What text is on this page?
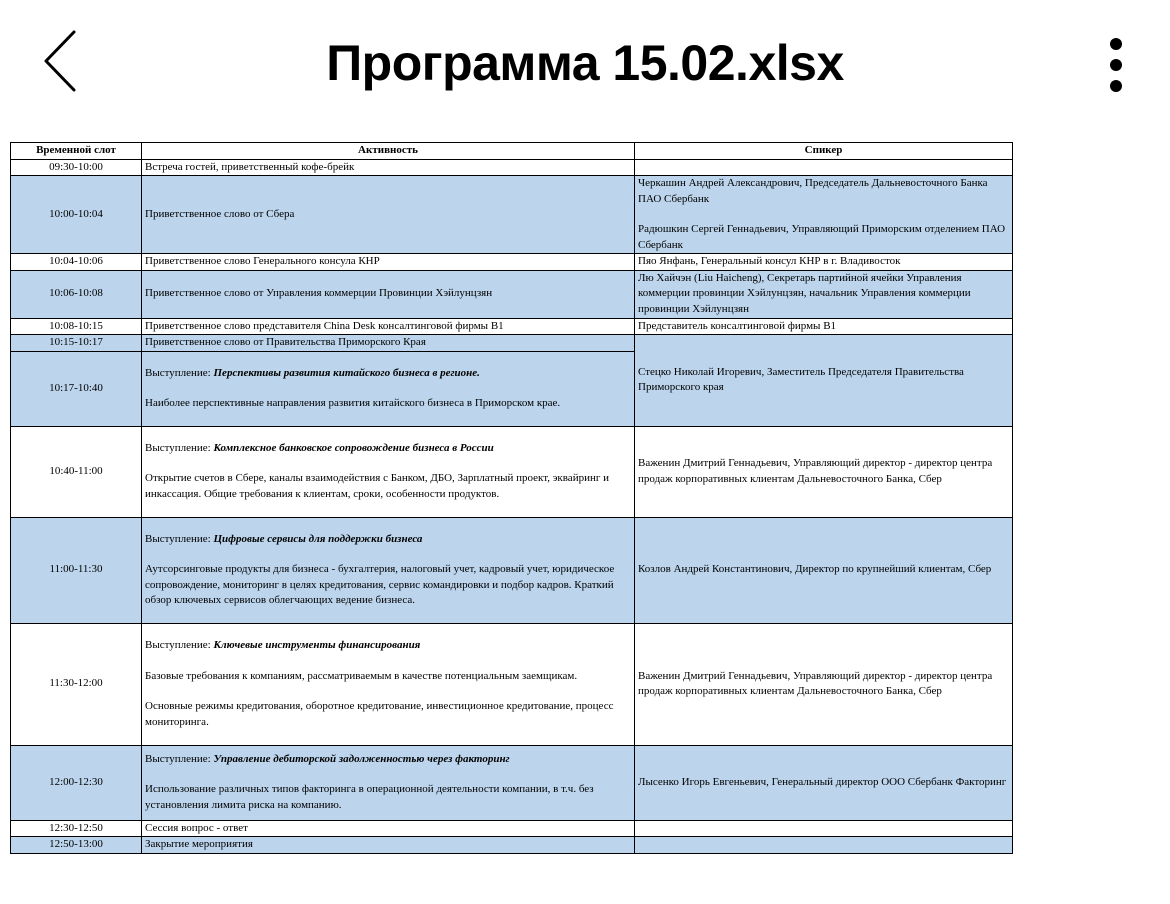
Программа 15.02.xlsx
Временной слот	Активность	Спикер
09:30-10:00	Встреча гостей, приветственный кофе-брейк	
10:00-10:04	Приветственное слово от Сбера	Черкашин Андрей Александрович, Председатель Дальневосточного Банка ПАО Сбербанк
Радюшкин Сергей Геннадьевич, Управляющий Приморским отделением ПАО Сбербанк

10:04-10:06	Приветственное слово Генерального консула КНР	Пяо Янфань, Генеральный консул КНР в г. Владивосток
10:06-10:08	Приветственное слово от Управления коммерции Провинции Хэйлунцзян	Лю Хайчэн (Liu Haicheng), Секретарь партийной ячейки Управления коммерции провинции Хэйлунцзян, начальник Управления коммерции провинции Хэйлунцзян
10:08-10:15	Приветственное слово представителя China Desk консалтинговой фирмы B1	Представитель консалтинговой фирмы B1
10:15-10:17	Приветственное слово от Правительства Приморского Края	Стецко Николай Игоревич, Заместитель Председателя Правительства Приморского края
10:17-10:40	Выступление: Перспективы развития китайского бизнеса в регионе.
Наиболее перспективные направления развития китайского бизнеса в Приморском крае.	

10:40-11:00	Выступление: Комплексное банковское сопровождение бизнеса в России
Открытие счетов в Сбере, каналы взаимодействия с Банком, ДБО, Зарплатный проект, эквайринг и инкассация. Общие требования к клиентам, сроки, особенности продуктов.	Важенин Дмитрий Геннадьевич, Управляющий директор - директор центра продаж корпоративных клиентам Дальневосточного Банка, Сбер
11:00-11:30	Выступление: Цифровые сервисы для поддержки бизнеса
Аутсорсинговые продукты для бизнеса - бухгалтерия, налоговый учет, кадровый учет, юридическое сопровождение, мониторинг в целях кредитования, сервис командировки и подбор кадров. Краткий обзор ключевых сервисов облегчающих ведение бизнеса.	Козлов Андрей Константинович, Директор по крупнейший клиентам, Сбер
11:30-12:00	Выступление: Ключевые инструменты финансирования
Базовые требования к компаниям, рассматриваемым в качестве потенциальным заемщикам.
Основные режимы кредитования, оборотное кредитование, инвестиционное кредитование, процесс мониторинга.	Важенин Дмитрий Геннадьевич, Управляющий директор - директор центра продаж корпоративных клиентам Дальневосточного Банка, Сбер
12:00-12:30	Выступление: Управление дебиторской задолженностью через факторинг
Использование различных типов факторинга в операционной деятельности компании, в т.ч. без установления лимита риска на компанию.	Лысенко Игорь Евгеньевич, Генеральный директор ООО Сбербанк Факторинг
12:30-12:50	Сессия вопрос - ответ	
12:50-13:00	Закрытие мероприятия	
